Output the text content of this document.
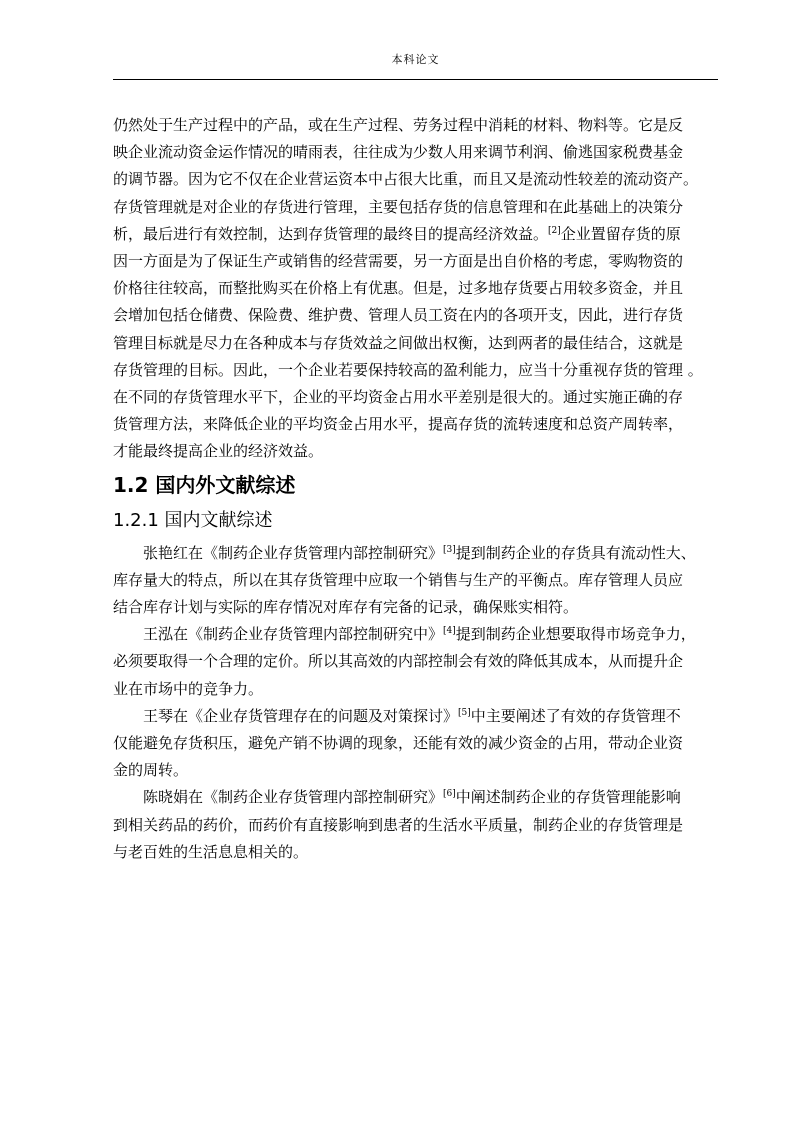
本科论文
仍然处于生产过程中的产品，或在生产过程、劳务过程中消耗的材料、物料等。它是反
映企业流动资金运作情况的晴雨表，往往成为少数人用来调节利润、偷逃国家税费基金
的调节器。因为它不仅在企业营运资本中占很大比重，而且又是流动性较差的流动资产。
存货管理就是对企业的存货进行管理，主要包括存货的信息管理和在此基础上的决策分
析，最后进行有效控制，达到存货管理的最终目的提高经济效益。[2]企业置留存货的原
因一方面是为了保证生产或销售的经营需要，另一方面是出自价格的考虑，零购物资的
价格往往较高，而整批购买在价格上有优惠。但是，过多地存货要占用较多资金，并且
会增加包括仓储费、保险费、维护费、管理人员工资在内的各项开支，因此，进行存货
管理目标就是尽力在各种成本与存货效益之间做出权衡，达到两者的最佳结合，这就是
存货管理的目标。因此，一个企业若要保持较高的盈利能力，应当十分重视存货的管理 。
在不同的存货管理水平下，企业的平均资金占用水平差别是很大的。通过实施正确的存
货管理方法，来降低企业的平均资金占用水平，提高存货的流转速度和总资产周转率，
才能最终提高企业的经济效益。
1.2 国内外文献综述
1.2.1 国内文献综述
张艳红在《制药企业存货管理内部控制研究》[3]提到制药企业的存货具有流动性大、
库存量大的特点，所以在其存货管理中应取一个销售与生产的平衡点。库存管理人员应
结合库存计划与实际的库存情况对库存有完备的记录，确保账实相符。
王泓在《制药企业存货管理内部控制研究中》[4]提到制药企业想要取得市场竞争力，
必须要取得一个合理的定价。所以其高效的内部控制会有效的降低其成本，从而提升企
业在市场中的竞争力。
王琴在《企业存货管理存在的问题及对策探讨》[5]中主要阐述了有效的存货管理不
仅能避免存货积压，避免产销不协调的现象，还能有效的减少资金的占用，带动企业资
金的周转。
陈晓娟在《制药企业存货管理内部控制研究》[6]中阐述制药企业的存货管理能影响
到相关药品的药价，而药价有直接影响到患者的生活水平质量，制药企业的存货管理是
与老百姓的生活息息相关的。
